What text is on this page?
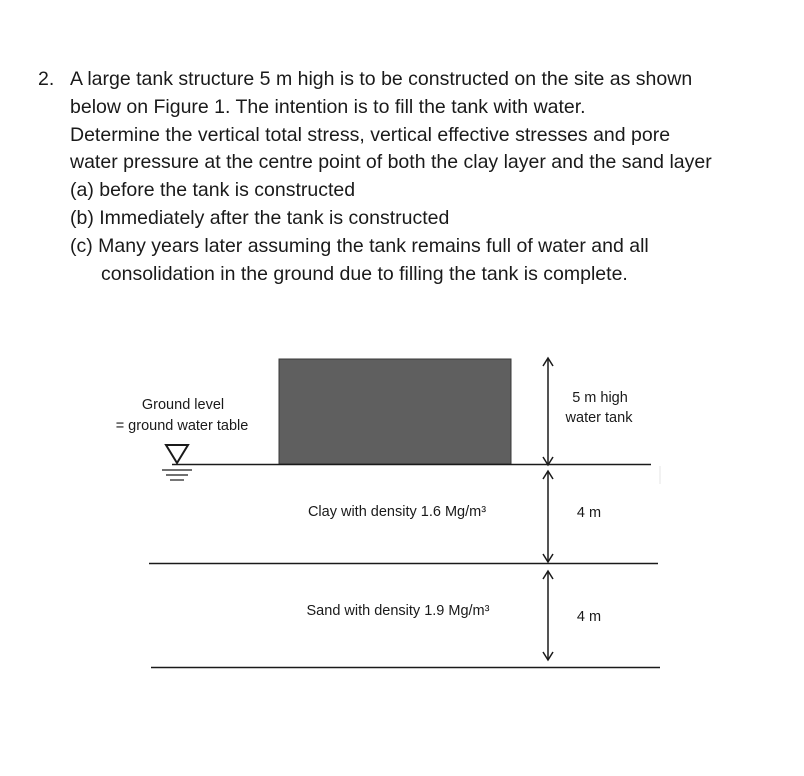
2. A large tank structure 5 m high is to be constructed on the site as shown
below on Figure 1. The intention is to fill the tank with water.
Determine the vertical total stress, vertical effective stresses and pore
water pressure at the centre point of both the clay layer and the sand layer
(a) before the tank is constructed
(b) Immediately after the tank is constructed
(c) Many years later assuming the tank remains full of water and all
consolidation in the ground due to filling the tank is complete.
Ground level
= ground water table
5 m high
water tank
Clay with density 1.6 Mg/m³	4 m
Sand with density 1.9 Mg/m³	4 m
